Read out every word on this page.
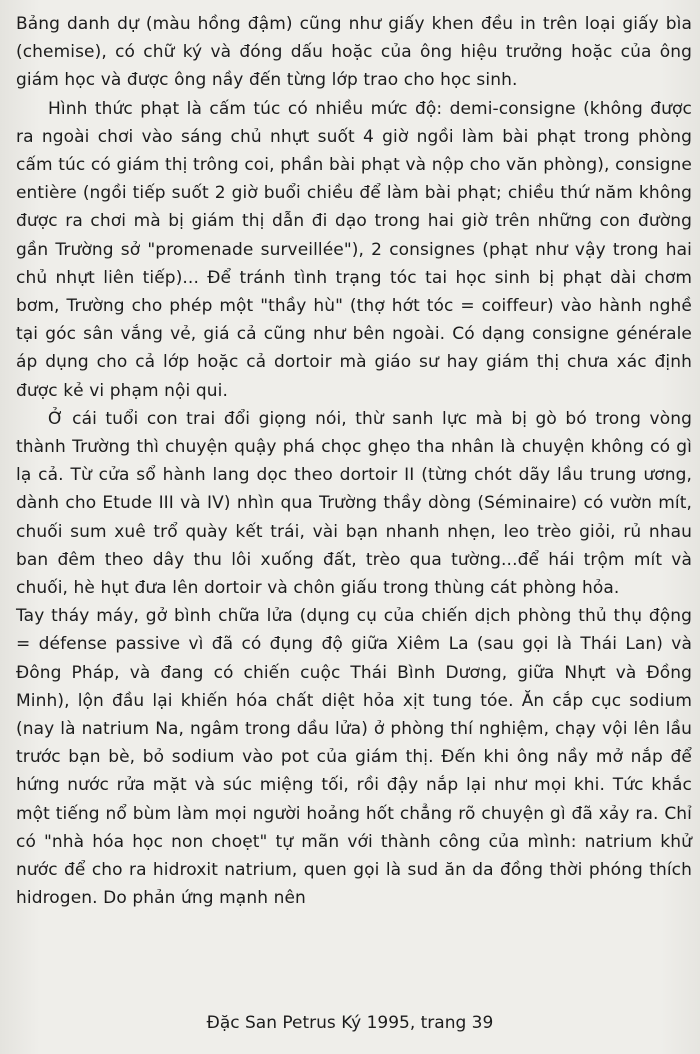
Bảng danh dự (màu hồng đậm) cũng như giấy khen đều in trên loại giấy bìa (chemise), có chữ ký và đóng dấu hoặc của ông hiệu trưởng hoặc của ông giám học và được ông nầy đến từng lớp trao cho học sinh.

Hình thức phạt là cấm túc có nhiều mức độ: demi-consigne (không được ra ngoài chơi vào sáng chủ nhựt suốt 4 giờ ngồi làm bài phạt trong phòng cấm túc có giám thị trông coi, phần bài phạt và nộp cho văn phòng), consigne entière (ngồi tiếp suốt 2 giờ buổi chiều để làm bài phạt; chiều thứ năm không được ra chơi mà bị giám thị dẫn đi dạo trong hai giờ trên những con đường gần Trường sở "promenade surveillée"), 2 consignes (phạt như vậy trong hai chủ nhựt liên tiếp)... Để tránh tình trạng tóc tai học sinh bị phạt dài chơm bơm, Trường cho phép một "thầy hù" (thợ hớt tóc = coiffeur) vào hành nghề tại góc sân vắng vẻ, giá cả cũng như bên ngoài. Có dạng consigne générale áp dụng cho cả lớp hoặc cả dortoir mà giáo sư hay giám thị chưa xác định được kẻ vi phạm nội qui.

Ở cái tuổi con trai đổi giọng nói, thừ sanh lực mà bị gò bó trong vòng thành Trường thì chuyện quậy phá chọc ghẹo tha nhân là chuyện không có gì lạ cả. Từ cửa sổ hành lang dọc theo dortoir II (từng chót dãy lầu trung ương, dành cho Etude III và IV) nhìn qua Trường thầy dòng (Séminaire) có vườn mít, chuối sum xuê trổ quày kết trái, vài bạn nhanh nhẹn, leo trèo giỏi, rủ nhau ban đêm theo dây thu lôi xuống đất, trèo qua tường...để hái trộm mít và chuối, hè hụt đưa lên dortoir và chôn giấu trong thùng cát phòng hỏa.

Tay tháy máy, gở bình chữa lửa (dụng cụ của chiến dịch phòng thủ thụ động = défense passive vì đã có đụng độ giữa Xiêm La (sau gọi là Thái Lan) và Đông Pháp, và đang có chiến cuộc Thái Bình Dương, giữa Nhựt và Đồng Minh), lộn đầu lại khiến hóa chất diệt hỏa xịt tung tóe. Ăn cắp cục sodium (nay là natrium Na, ngâm trong dầu lửa) ở phòng thí nghiệm, chạy vội lên lầu trước bạn bè, bỏ sodium vào pot của giám thị. Đến khi ông nầy mở nắp để hứng nước rửa mặt và súc miệng tối, rồi đậy nắp lại như mọi khi. Tức khắc một tiếng nổ bùm làm mọi người hoảng hốt chẳng rõ chuyện gì đã xảy ra. Chỉ có "nhà hóa học non choẹt" tự mãn với thành công của mình: natrium khử nước để cho ra hidroxit natrium, quen gọi là sud ăn da đồng thời phóng thích hidrogen. Do phản ứng mạnh nên

Đặc San Petrus Ký 1995, trang 39
